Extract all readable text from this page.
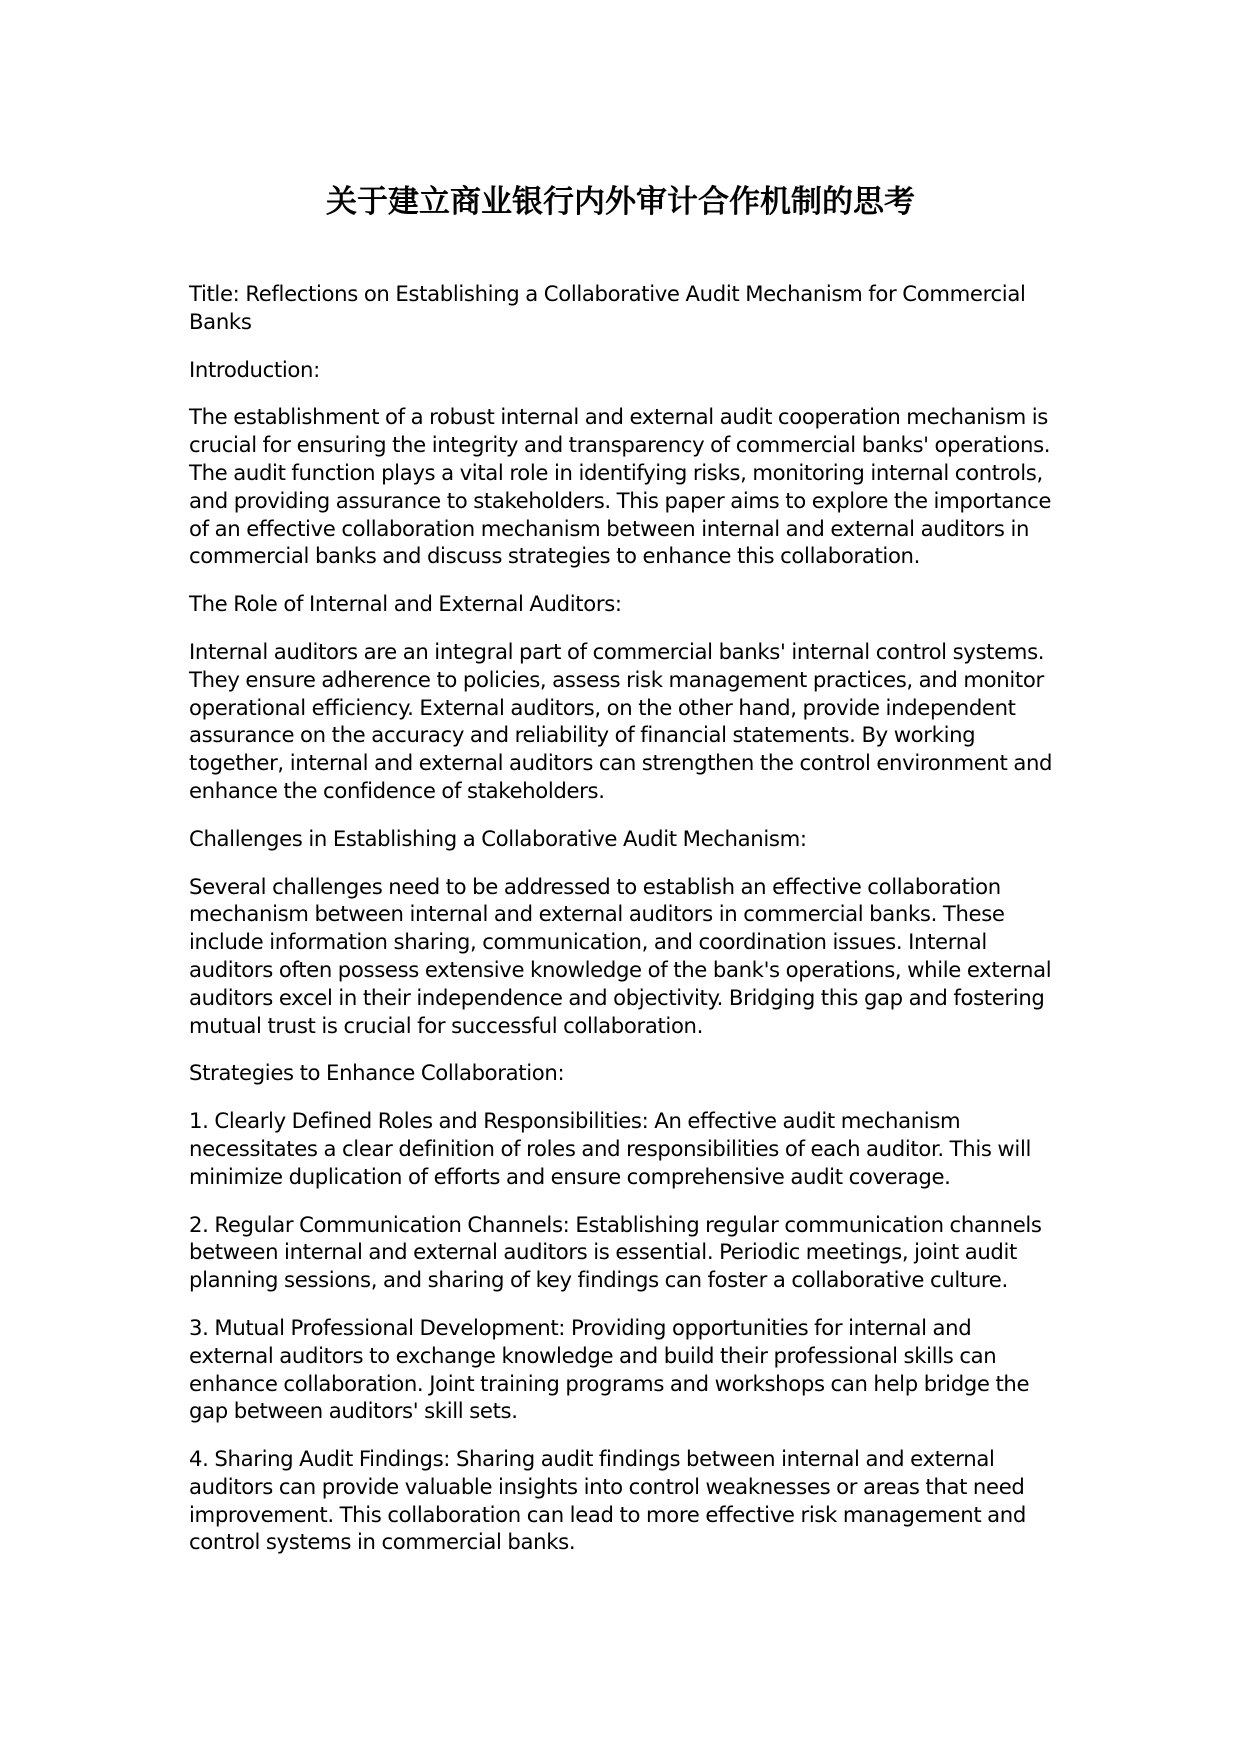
关于建立商业银行内外审计合作机制的思考

Title: Reflections on Establishing a Collaborative Audit Mechanism for Commercial Banks

Introduction:

The establishment of a robust internal and external audit cooperation mechanism is crucial for ensuring the integrity and transparency of commercial banks' operations. The audit function plays a vital role in identifying risks, monitoring internal controls, and providing assurance to stakeholders. This paper aims to explore the importance of an effective collaboration mechanism between internal and external auditors in commercial banks and discuss strategies to enhance this collaboration.

The Role of Internal and External Auditors:

Internal auditors are an integral part of commercial banks' internal control systems. They ensure adherence to policies, assess risk management practices, and monitor operational efficiency. External auditors, on the other hand, provide independent assurance on the accuracy and reliability of financial statements. By working together, internal and external auditors can strengthen the control environment and enhance the confidence of stakeholders.

Challenges in Establishing a Collaborative Audit Mechanism:

Several challenges need to be addressed to establish an effective collaboration mechanism between internal and external auditors in commercial banks. These include information sharing, communication, and coordination issues. Internal auditors often possess extensive knowledge of the bank's operations, while external auditors excel in their independence and objectivity. Bridging this gap and fostering mutual trust is crucial for successful collaboration.

Strategies to Enhance Collaboration:

1. Clearly Defined Roles and Responsibilities: An effective audit mechanism necessitates a clear definition of roles and responsibilities of each auditor. This will minimize duplication of efforts and ensure comprehensive audit coverage.

2. Regular Communication Channels: Establishing regular communication channels between internal and external auditors is essential. Periodic meetings, joint audit planning sessions, and sharing of key findings can foster a collaborative culture.

3. Mutual Professional Development: Providing opportunities for internal and external auditors to exchange knowledge and build their professional skills can enhance collaboration. Joint training programs and workshops can help bridge the gap between auditors' skill sets.

4. Sharing Audit Findings: Sharing audit findings between internal and external auditors can provide valuable insights into control weaknesses or areas that need improvement. This collaboration can lead to more effective risk management and control systems in commercial banks.
